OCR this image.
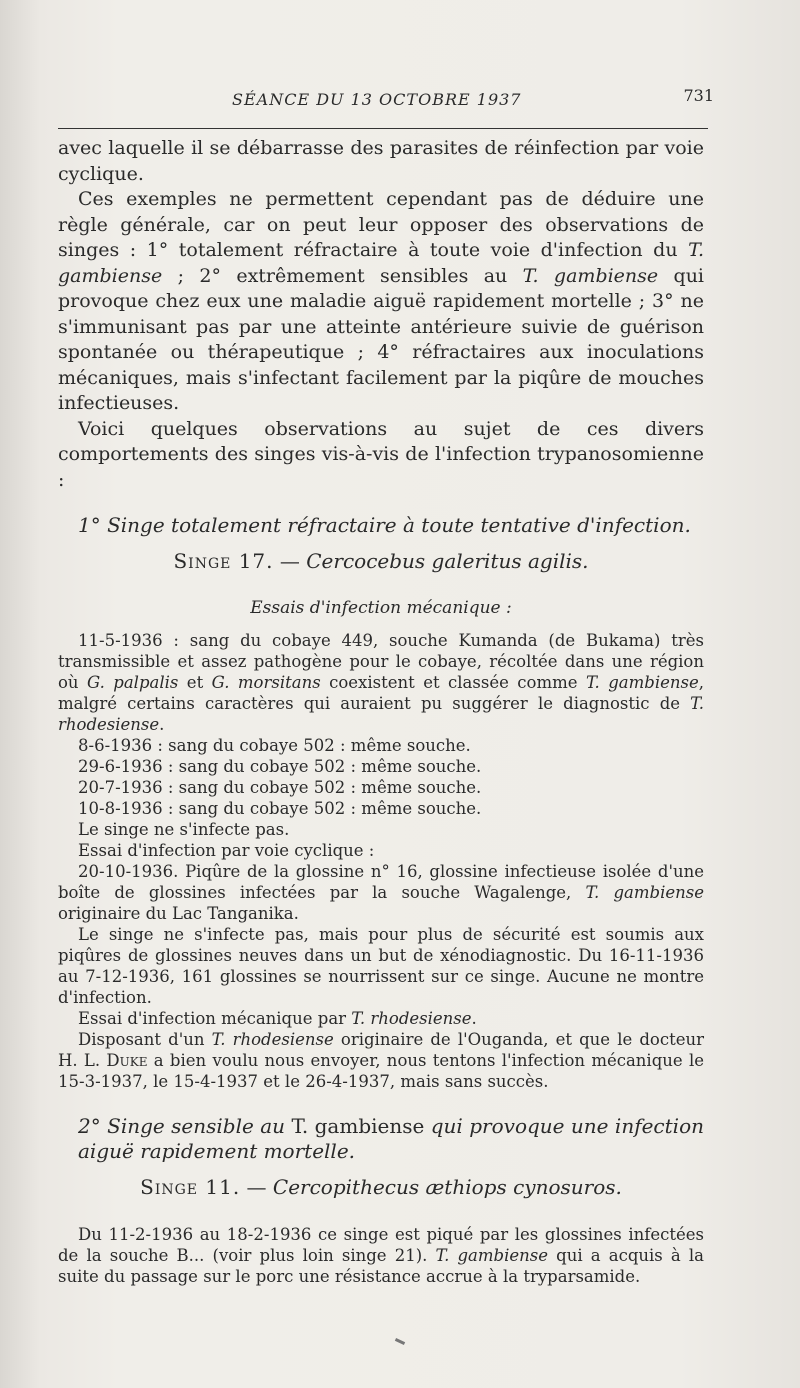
SÉANCE DU 13 OCTOBRE 1937	731

avec laquelle il se débarrasse des parasites de réinfection par voie cyclique.

Ces exemples ne permettent cependant pas de déduire une règle générale, car on peut leur opposer des observations de singes : 1° totalement réfractaire à toute voie d'infection du T. gambiense ; 2° extrêmement sensibles au T. gambiense qui provoque chez eux une maladie aiguë rapidement mortelle ; 3° ne s'immunisant pas par une atteinte antérieure suivie de guérison spontanée ou thérapeutique ; 4° réfractaires aux inoculations mécaniques, mais s'infectant facilement par la piqûre de mouches infectieuses.

Voici quelques observations au sujet de ces divers comportements des singes vis-à-vis de l'infection trypanosomienne :

1° Singe totalement réfractaire à toute tentative d'infection.

Singe 17. — Cercocebus galeritus agilis.

Essais d'infection mécanique :

11-5-1936 : sang du cobaye 449, souche Kumanda (de Bukama) très transmissible et assez pathogène pour le cobaye, récoltée dans une région où G. palpalis et G. morsitans coexistent et classée comme T. gambiense, malgré certains caractères qui auraient pu suggérer le diagnostic de T. rhodesiense.

8-6-1936 : sang du cobaye 502 : même souche.

29-6-1936 : sang du cobaye 502 : même souche.

20-7-1936 : sang du cobaye 502 : même souche.

10-8-1936 : sang du cobaye 502 : même souche.

Le singe ne s'infecte pas.

Essai d'infection par voie cyclique :

20-10-1936. Piqûre de la glossine n° 16, glossine infectieuse isolée d'une boîte de glossines infectées par la souche Wagalenge, T. gambiense originaire du Lac Tanganika.

Le singe ne s'infecte pas, mais pour plus de sécurité est soumis aux piqûres de glossines neuves dans un but de xénodiagnostic. Du 16-11-1936 au 7-12-1936, 161 glossines se nourrissent sur ce singe. Aucune ne montre d'infection.

Essai d'infection mécanique par T. rhodesiense.

Disposant d'un T. rhodesiense originaire de l'Ouganda, et que le docteur H. L. Duke a bien voulu nous envoyer, nous tentons l'infection mécanique le 15-3-1937, le 15-4-1937 et le 26-4-1937, mais sans succès.

2° Singe sensible au T. gambiense qui provoque une infection aiguë rapidement mortelle.

Singe 11. — Cercopithecus æthiops cynosuros.

Du 11-2-1936 au 18-2-1936 ce singe est piqué par les glossines infectées de la souche B... (voir plus loin singe 21). T. gambiense qui a acquis à la suite du passage sur le porc une résistance accrue à la tryparsamide.
